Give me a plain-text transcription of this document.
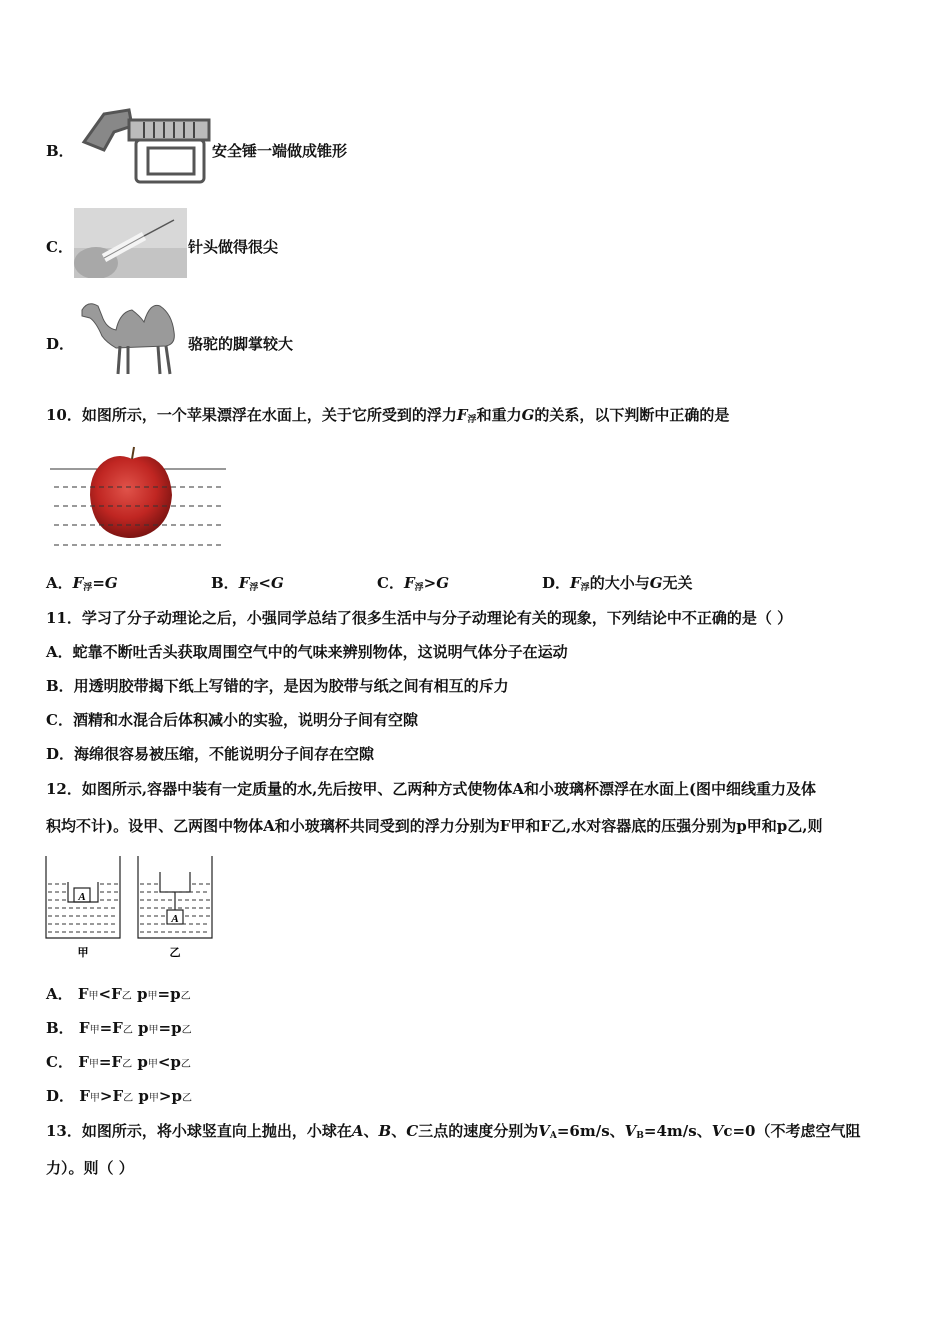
B．	安全锤一端做成锥形
C．	针头做得很尖
D．	骆驼的脚掌较大
10．如图所示，一个苹果漂浮在水面上，关于它所受到的浮力$F_浮$和重力G的关系，以下判断中正确的是
A．$F_浮=G$	B．$F_浮<G$	C．$F_浮>G$	D．$F_浮$的大小与G无关
11．学习了分子动理论之后，小强同学总结了很多生活中与分子动理论有关的现象，下列结论中不正确的是（ ）
A．蛇靠不断吐舌头获取周围空气中的气味来辨别物体，这说明气体分子在运动
B．用透明胶带揭下纸上写错的字，是因为胶带与纸之间有相互的斥力
C．酒精和水混合后体积减小的实验，说明分子间有空隙
D．海绵很容易被压缩，不能说明分子间存在空隙
12．如图所示,容器中装有一定质量的水,先后按甲、乙两种方式使物体A和小玻璃杯漂浮在水面上(图中细线重力及体
积均不计)。设甲、乙两图中物体A和小玻璃杯共同受到的浮力分别为F甲和F乙,水对容器底的压强分别为p甲和p乙,则
A
A
甲	乙
A． F甲<F乙 p甲=p乙
B． F甲=F乙 p甲=p乙
C． F甲=F乙 p甲<p乙
D． F甲>F乙 p甲>p乙
13．如图所示，将小球竖直向上抛出，小球在A、B、C三点的速度分别为$V_A=6m/s$、$V_B=4m/s$、Vc=0（不考虑空气阻
力）。则（ ）
